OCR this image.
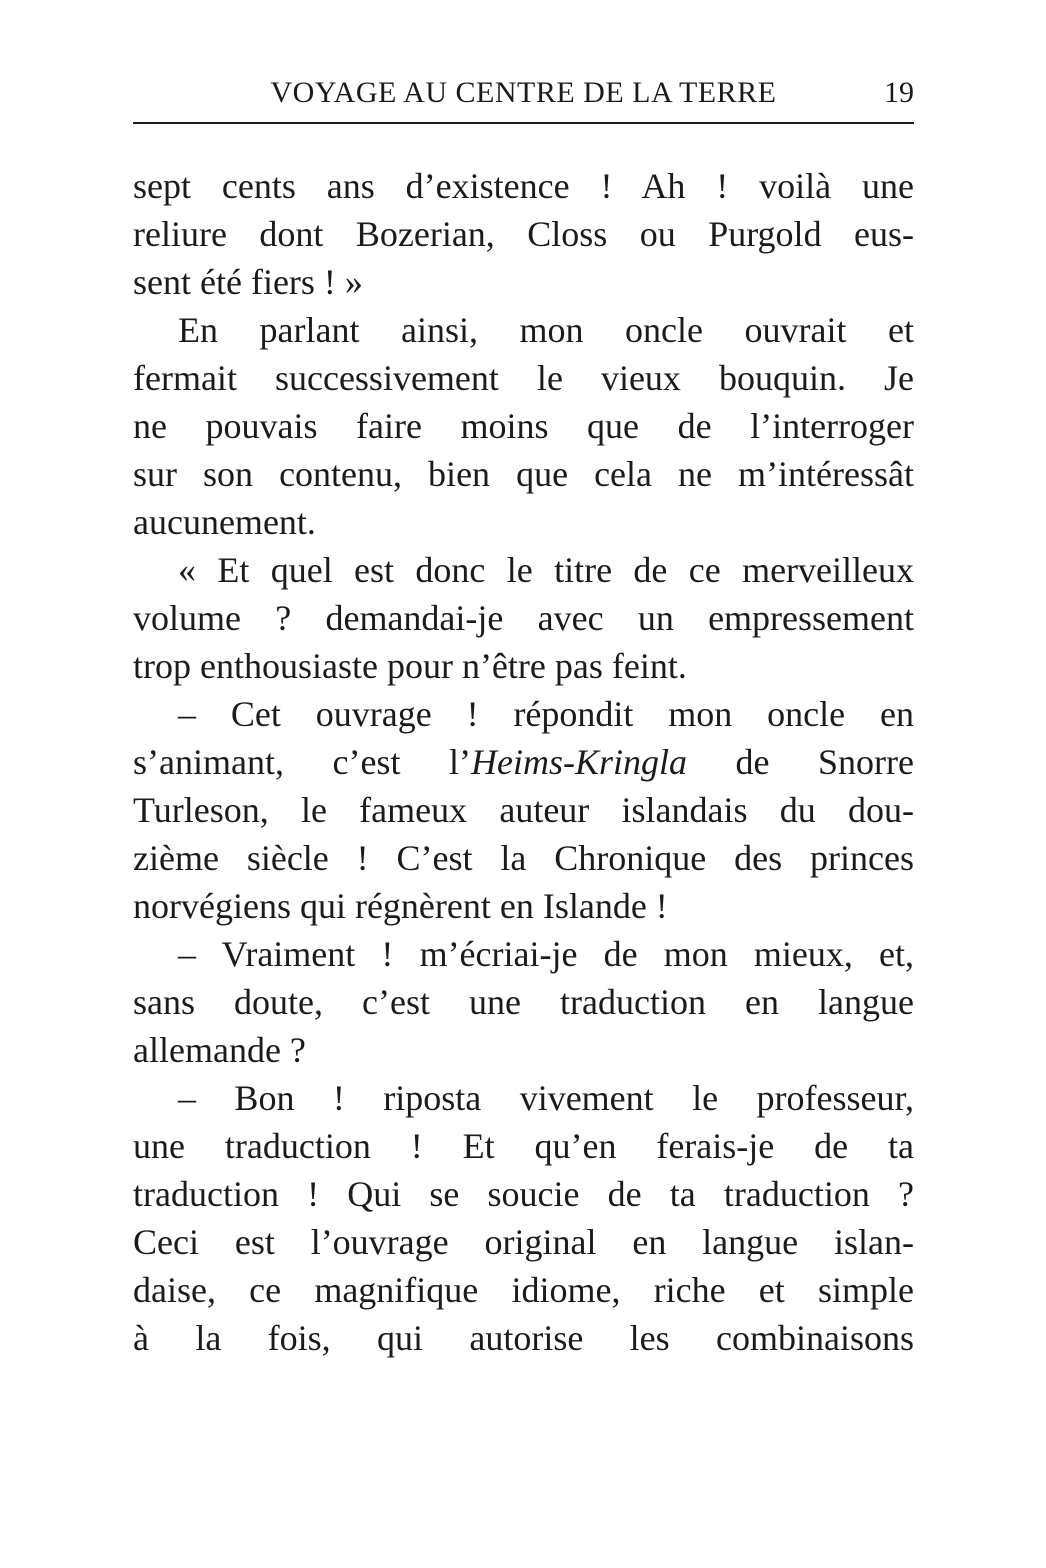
VOYAGE AU CENTRE DE LA TERRE	19
sept cents ans d’existence ! Ah ! voilà une
reliure dont Bozerian, Closs ou Purgold eus-
sent été fiers ! »
En parlant ainsi, mon oncle ouvrait et
fermait successivement le vieux bouquin. Je
ne pouvais faire moins que de l’interroger
sur son contenu, bien que cela ne m’intéressât
aucunement.
« Et quel est donc le titre de ce merveilleux
volume ? demandai-je avec un empressement
trop enthousiaste pour n’être pas feint.
– Cet ouvrage ! répondit mon oncle en
s’animant, c’est l’Heims-Kringla de Snorre
Turleson, le fameux auteur islandais du dou-
zième siècle ! C’est la Chronique des princes
norvégiens qui régnèrent en Islande !
– Vraiment ! m’écriai-je de mon mieux, et,
sans doute, c’est une traduction en langue
allemande ?
– Bon ! riposta vivement le professeur,
une traduction ! Et qu’en ferais-je de ta
traduction ! Qui se soucie de ta traduction ?
Ceci est l’ouvrage original en langue islan-
daise, ce magnifique idiome, riche et simple
à la fois, qui autorise les combinaisons
